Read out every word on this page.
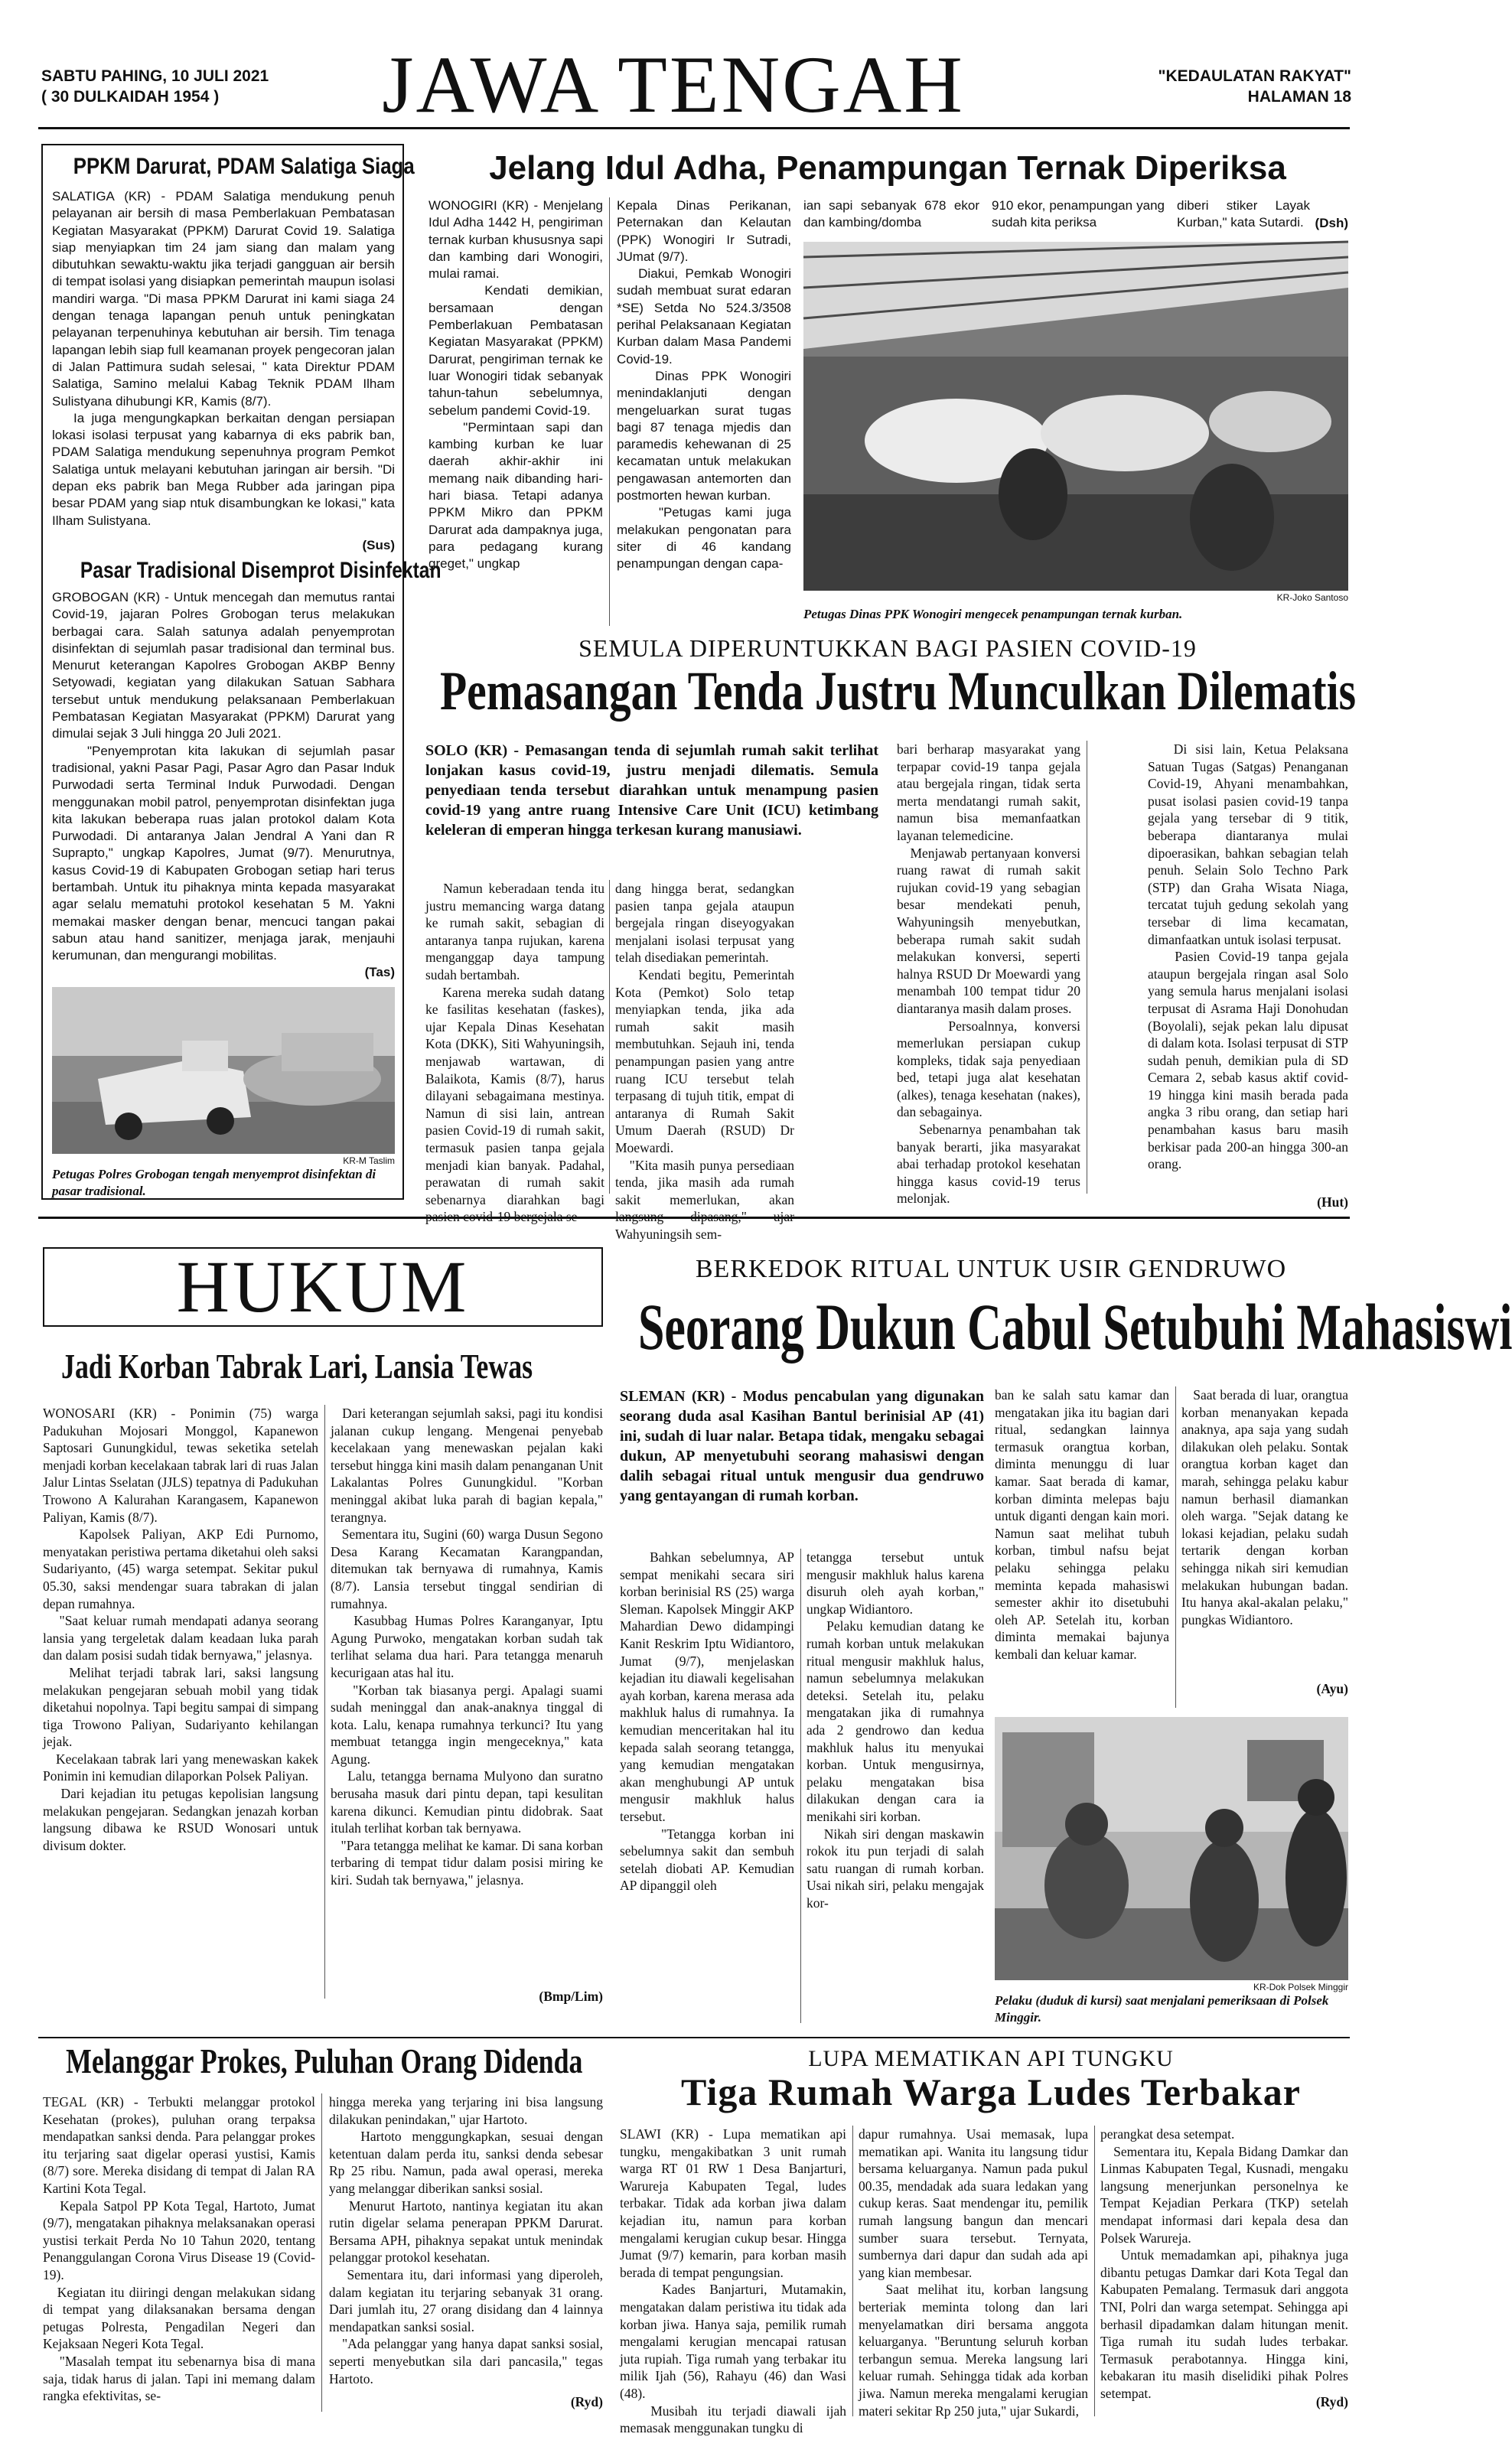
SABTU PAHING, 10 JULI 2021
( 30 DULKAIDAH 1954 )	JAWA TENGAH	"KEDAULATAN RAKYAT"
HALAMAN 18
PPKM Darurat, PDAM Salatiga Siaga
SALATIGA (KR) - PDAM Salatiga mendukung penuh pelayanan air bersih di masa Pemberlakuan Pembatasan Kegiatan Masyarakat (PPKM) Darurat Covid 19. Salatiga siap menyiapkan tim 24 jam siang dan malam yang dibutuhkan sewaktu-waktu jika terjadi gangguan air bersih di tempat isolasi yang disiapkan pemerintah maupun isolasi mandiri warga. "Di masa PPKM Darurat ini kami siaga 24 dengan tenaga lapangan penuh untuk peningkatan pelayanan terpenuhinya kebutuhan air bersih. Tim tenaga lapangan lebih siap full keamanan proyek pengecoran jalan di Jalan Pattimura sudah selesai, " kata Direktur PDAM Salatiga, Samino melalui Kabag Teknik PDAM Ilham Sulistyana dihubungi KR, Kamis (8/7).
Ia juga mengungkapkan berkaitan dengan persiapan lokasi isolasi terpusat yang kabarnya di eks pabrik ban, PDAM Salatiga mendukung sepenuhnya program Pemkot Salatiga untuk melayani kebutuhan jaringan air bersih. "Di depan eks pabrik ban Mega Rubber ada jaringan pipa besar PDAM yang siap ntuk disambungkan ke lokasi," kata Ilham Sulistyana.
(Sus)
Pasar Tradisional Disemprot Disinfektan
GROBOGAN (KR) - Untuk mencegah dan memutus rantai Covid-19, jajaran Polres Grobogan terus melakukan berbagai cara. Salah satunya adalah penyemprotan disinfektan di sejumlah pasar tradisional dan terminal bus. Menurut keterangan Kapolres Grobogan AKBP Benny Setyowadi, kegiatan yang dilakukan Satuan Sabhara tersebut untuk mendukung pelaksanaan Pemberlakuan Pembatasan Kegiatan Masyarakat (PPKM) Darurat yang dimulai sejak 3 Juli hingga 20 Juli 2021.
"Penyemprotan kita lakukan di sejumlah pasar tradisional, yakni Pasar Pagi, Pasar Agro dan Pasar Induk Purwodadi serta Terminal Induk Purwodadi. Dengan menggunakan mobil patrol, penyemprotan disinfektan juga kita lakukan beberapa ruas jalan protokol dalam Kota Purwodadi. Di antaranya Jalan Jendral A Yani dan R Suprapto," ungkap Kapolres, Jumat (9/7). Menurutnya, kasus Covid-19 di Kabupaten Grobogan setiap hari terus bertambah. Untuk itu pihaknya minta kepada masyarakat agar selalu mematuhi protokol kesehatan 5 M. Yakni memakai masker dengan benar, mencuci tangan pakai sabun atau hand sanitizer, menjaga jarak, menjauhi kerumunan, dan mengurangi mobilitas.
(Tas)
KR-M Taslim
Petugas Polres Grobogan tengah menyemprot disinfektan di pasar tradisional.
Jelang Idul Adha, Penampungan Ternak Diperiksa
WONOGIRI (KR) - Menjelang Idul Adha 1442 H, pengiriman ternak kurban khususnya sapi dan kambing dari Wonogiri, mulai ramai.
Kendati demikian, bersamaan dengan Pemberlakuan Pembatasan Kegiatan Masyarakat (PPKM) Darurat, pengiriman ternak ke luar Wonogiri tidak sebanyak tahun-tahun sebelumnya, sebelum pandemi Covid-19.
"Permintaan sapi dan kambing kurban ke luar daerah akhir-akhir ini memang naik dibanding hari-hari biasa. Tetapi adanya PPKM Mikro dan PPKM Darurat ada dampaknya juga, para pedagang kurang greget," ungkap
Kepala Dinas Perikanan, Peternakan dan Kelautan (PPK) Wonogiri Ir Sutradi, JUmat (9/7).
Diakui, Pemkab Wonogiri sudah membuat surat edaran *SE) Setda No 524.3/3508 perihal Pelaksanaan Kegiatan Kurban dalam Masa Pandemi Covid-19.
Dinas PPK Wonogiri menindaklanjuti dengan mengeluarkan surat tugas bagi 87 tenaga mjedis dan paramedis kehewanan di 25 kecamatan untuk melakukan pengawasan antemorten dan postmorten hewan kurban.
"Petugas kami juga melakukan pengonatan para siter di 46 kandang penampungan dengan capa-
ian sapi sebanyak 678 ekor dan kambing/domba
910 ekor, penampungan yang sudah kita periksa
diberi stiker Layak Kurban," kata Sutardi. (Dsh)
KR-Joko Santoso
Petugas Dinas PPK Wonogiri mengecek penampungan ternak kurban.
SEMULA DIPERUNTUKKAN BAGI PASIEN COVID-19
Pemasangan Tenda Justru Munculkan Dilematis
SOLO (KR) - Pemasangan tenda di sejumlah rumah sakit terlihat lonjakan kasus covid-19, justru menjadi dilematis. Semula penyediaan tenda tersebut diarahkan untuk menampung pasien covid-19 yang antre ruang Intensive Care Unit (ICU) ketimbang keleleran di emperan hingga terkesan kurang manusiawi.
Namun keberadaan tenda itu justru memancing warga datang ke rumah sakit, sebagian di antaranya tanpa rujukan, karena menganggap daya tampung sudah bertambah.
Karena mereka sudah datang ke fasilitas kesehatan (faskes), ujar Kepala Dinas Kesehatan Kota (DKK), Siti Wahyuningsih, menjawab wartawan, di Balaikota, Kamis (8/7), harus dilayani sebagaimana mestinya. Namun di sisi lain, antrean pasien Covid-19 di rumah sakit, termasuk pasien tanpa gejala menjadi kian banyak. Padahal, perawatan di rumah sakit sebenarnya diarahkan bagi pasien covid-19 bergejala se-
dang hingga berat, sedangkan pasien tanpa gejala ataupun bergejala ringan diseyogyakan menjalani isolasi terpusat yang telah disediakan pemerintah.
Kendati begitu, Pemerintah Kota (Pemkot) Solo tetap menyiapkan tenda, jika ada rumah sakit masih membutuhkan. Sejauh ini, tenda penampungan pasien yang antre ruang ICU tersebut telah terpasang di tujuh titik, empat di antaranya di Rumah Sakit Umum Daerah (RSUD) Dr Moewardi.
"Kita masih punya persediaan tenda, jika masih ada rumah sakit memerlukan, akan langsung dipasang," ujar Wahyuningsih sem-
bari berharap masyarakat yang terpapar covid-19 tanpa gejala atau bergejala ringan, tidak serta merta mendatangi rumah sakit, namun bisa memanfaatkan layanan telemedicine.
Menjawab pertanyaan konversi ruang rawat di rumah sakit rujukan covid-19 yang sebagian besar mendekati penuh, Wahyuningsih menyebutkan, beberapa rumah sakit sudah melakukan konversi, seperti halnya RSUD Dr Moewardi yang menambah 100 tempat tidur 20 diantaranya masih dalam proses.
Persoalnnya, konversi memerlukan persiapan cukup kompleks, tidak saja penyediaan bed, tetapi juga alat kesehatan (alkes), tenaga kesehatan (nakes), dan sebagainya.
Sebenarnya penambahan tak banyak berarti, jika masyarakat abai terhadap protokol kesehatan hingga kasus covid-19 terus melonjak.
Di sisi lain, Ketua Pelaksana Satuan Tugas (Satgas) Penanganan Covid-19, Ahyani menambahkan, pusat isolasi pasien covid-19 tanpa gejala yang tersebar di 9 titik, beberapa diantaranya mulai dipoerasikan, bahkan sebagian telah penuh. Selain Solo Techno Park (STP) dan Graha Wisata Niaga, tercatat tujuh gedung sekolah yang tersebar di lima kecamatan, dimanfaatkan untuk isolasi terpusat.
Pasien Covid-19 tanpa gejala ataupun bergejala ringan asal Solo yang semula harus menjalani isolasi terpusat di Asrama Haji Donohudan (Boyolali), sejak pekan lalu dipusat di dalam kota. Isolasi terpusat di STP sudah penuh, demikian pula di SD Cemara 2, sebab kasus aktif covid-19 hingga kini masih berada pada angka 3 ribu orang, dan setiap hari penambahan kasus baru masih berkisar pada 200-an hingga 300-an orang.
(Hut)
HUKUM
Jadi Korban Tabrak Lari, Lansia Tewas
WONOSARI (KR) - Ponimin (75) warga Padukuhan Mojosari Monggol, Kapanewon Saptosari Gunungkidul, tewas seketika setelah menjadi korban kecelakaan tabrak lari di ruas Jalan Jalur Lintas Sselatan (JJLS) tepatnya di Padukuhan Trowono A Kalurahan Karangasem, Kapanewon Paliyan, Kamis (8/7).
Kapolsek Paliyan, AKP Edi Purnomo, menyatakan peristiwa pertama diketahui oleh saksi Sudariyanto, (45) warga setempat. Sekitar pukul 05.30, saksi mendengar suara tabrakan di jalan depan rumahnya.
"Saat keluar rumah mendapati adanya seorang lansia yang tergeletak dalam keadaan luka parah dan dalam posisi sudah tidak bernyawa," jelasnya.
Melihat terjadi tabrak lari, saksi langsung melakukan pengejaran sebuah mobil yang tidak diketahui nopolnya. Tapi begitu sampai di simpang tiga Trowono Paliyan, Sudariyanto kehilangan jejak.
Kecelakaan tabrak lari yang menewaskan kakek Ponimin ini kemudian dilaporkan Polsek Paliyan.
Dari kejadian itu petugas kepolisian langsung melakukan pengejaran. Sedangkan jenazah korban langsung dibawa ke RSUD Wonosari untuk divisum dokter.
Dari keterangan sejumlah saksi, pagi itu kondisi jalanan cukup lengang. Mengenai penyebab kecelakaan yang menewaskan pejalan kaki tersebut hingga kini masih dalam penanganan Unit Lakalantas Polres Gunungkidul. "Korban meninggal akibat luka parah di bagian kepala," terangnya.
Sementara itu, Sugini (60) warga Dusun Segono Desa Karang Kecamatan Karangpandan, ditemukan tak bernyawa di rumahnya, Kamis (8/7). Lansia tersebut tinggal sendirian di rumahnya.
Kasubbag Humas Polres Karanganyar, Iptu Agung Purwoko, mengatakan korban sudah tak terlihat selama dua hari. Para tetangga menaruh kecurigaan atas hal itu.
"Korban tak biasanya pergi. Apalagi suami sudah meninggal dan anak-anaknya tinggal di kota. Lalu, kenapa rumahnya terkunci? Itu yang membuat tetangga ingin mengeceknya," kata Agung.
Lalu, tetangga bernama Mulyono dan suratno berusaha masuk dari pintu depan, tapi kesulitan karena dikunci. Kemudian pintu didobrak. Saat itulah terlihat korban tak bernyawa.
"Para tetangga melihat ke kamar. Di sana korban terbaring di tempat tidur dalam posisi miring ke kiri. Sudah tak bernyawa," jelasnya.
(Bmp/Lim)
BERKEDOK RITUAL UNTUK USIR GENDRUWO
Seorang Dukun Cabul Setubuhi Mahasiswi
SLEMAN (KR) - Modus pencabulan yang digunakan seorang duda asal Kasihan Bantul berinisial AP (41) ini, sudah di luar nalar. Betapa tidak, mengaku sebagai dukun, AP menyetubuhi seorang mahasiswi dengan dalih sebagai ritual untuk mengusir dua gendruwo yang gentayangan di rumah korban.
Bahkan sebelumnya, AP sempat menikahi secara siri korban berinisial RS (25) warga Sleman. Kapolsek Minggir AKP Mahardian Dewo didampingi Kanit Reskrim Iptu Widiantoro, Jumat (9/7), menjelaskan kejadian itu diawali kegelisahan ayah korban, karena merasa ada makhluk halus di rumahnya. Ia kemudian menceritakan hal itu kepada salah seorang tetangga, yang kemudian mengatakan akan menghubungi AP untuk mengusir makhluk halus tersebut.
"Tetangga korban ini sebelumnya sakit dan sembuh setelah diobati AP. Kemudian AP dipanggil oleh
tetangga tersebut untuk mengusir makhluk halus karena disuruh oleh ayah korban," ungkap Widiantoro.
Pelaku kemudian datang ke rumah korban untuk melakukan ritual mengusir makhluk halus, namun sebelumnya melakukan deteksi. Setelah itu, pelaku mengatakan jika di rumahnya ada 2 gendrowo dan kedua makhluk halus itu menyukai korban. Untuk mengusirnya, pelaku mengatakan bisa dilakukan dengan cara ia menikahi siri korban.
Nikah siri dengan maskawin rokok itu pun terjadi di salah satu ruangan di rumah korban. Usai nikah siri, pelaku mengajak kor-
ban ke salah satu kamar dan mengatakan jika itu bagian dari ritual, sedangkan lainnya termasuk orangtua korban, diminta menunggu di luar kamar. Saat berada di kamar, korban diminta melepas baju untuk diganti dengan kain mori. Namun saat melihat tubuh korban, timbul nafsu bejat pelaku sehingga pelaku meminta kepada mahasiswi semester akhir ito disetubuhi oleh AP. Setelah itu, korban diminta memakai bajunya kembali dan keluar kamar.
Saat berada di luar, orangtua korban menanyakan kepada anaknya, apa saja yang sudah dilakukan oleh pelaku. Sontak orangtua korban kaget dan marah, sehingga pelaku kabur namun berhasil diamankan oleh warga. "Sejak datang ke lokasi kejadian, pelaku sudah tertarik dengan korban sehingga nikah siri kemudian melakukan hubungan badan. Itu hanya akal-akalan pelaku," pungkas Widiantoro.
(Ayu)
KR-Dok Polsek Minggir
Pelaku (duduk di kursi) saat menjalani pemeriksaan di Polsek Minggir.
Melanggar Prokes, Puluhan Orang Didenda
TEGAL (KR) - Terbukti melanggar protokol Kesehatan (prokes), puluhan orang terpaksa mendapatkan sanksi denda. Para pelanggar prokes itu terjaring saat digelar operasi yustisi, Kamis (8/7) sore. Mereka disidang di tempat di Jalan RA Kartini Kota Tegal.
Kepala Satpol PP Kota Tegal, Hartoto, Jumat (9/7), mengatakan pihaknya melaksanakan operasi yustisi terkait Perda No 10 Tahun 2020, tentang Penanggulangan Corona Virus Disease 19 (Covid-19).
Kegiatan itu diiringi dengan melakukan sidang di tempat yang dilaksanakan bersama dengan petugas Polresta, Pengadilan Negeri dan Kejaksaan Negeri Kota Tegal.
"Masalah tempat itu sebenarnya bisa di mana saja, tidak harus di jalan. Tapi ini memang dalam rangka efektivitas, se-
hingga mereka yang terjaring ini bisa langsung dilakukan penindakan," ujar Hartoto.
Hartoto menggungkapkan, sesuai dengan ketentuan dalam perda itu, sanksi denda sebesar Rp 25 ribu. Namun, pada awal operasi, mereka yang melanggar diberikan sanksi sosial.
Menurut Hartoto, nantinya kegiatan itu akan rutin digelar selama penerapan PPKM Darurat. Bersama APH, pihaknya sepakat untuk menindak pelanggar protokol kesehatan.
Sementara itu, dari informasi yang diperoleh, dalam kegiatan itu terjaring sebanyak 31 orang. Dari jumlah itu, 27 orang disidang dan 4 lainnya mendapatkan sanksi sosial.
"Ada pelanggar yang hanya dapat sanksi sosial, seperti menyebutkan sila dari pancasila," tegas Hartoto.
(Ryd)
LUPA MEMATIKAN API TUNGKU
Tiga Rumah Warga Ludes Terbakar
SLAWI (KR) - Lupa mematikan api tungku, mengakibatkan 3 unit rumah warga RT 01 RW 1 Desa Banjarturi, Warureja Kabupaten Tegal, ludes terbakar. Tidak ada korban jiwa dalam kejadian itu, namun para korban mengalami kerugian cukup besar. Hingga Jumat (9/7) kemarin, para korban masih berada di tempat pengungsian.
Kades Banjarturi, Mutamakin, mengatakan dalam peristiwa itu tidak ada korban jiwa. Hanya saja, pemilik rumah mengalami kerugian mencapai ratusan juta rupiah. Tiga rumah yang terbakar itu milik Ijah (56), Rahayu (46) dan Wasi (48).
Musibah itu terjadi diawali ijah memasak menggunakan tungku di
dapur rumahnya. Usai memasak, lupa mematikan api. Wanita itu langsung tidur bersama keluarganya. Namun pada pukul 00.35, mendadak ada suara ledakan yang cukup keras. Saat mendengar itu, pemilik rumah langsung bangun dan mencari sumber suara tersebut. Ternyata, sumbernya dari dapur dan sudah ada api yang kian membesar.
Saat melihat itu, korban langsung berteriak meminta tolong dan lari menyelamatkan diri bersama anggota keluarganya. "Beruntung seluruh korban terbangun semua. Mereka langsung lari keluar rumah. Sehingga tidak ada korban jiwa. Namun mereka mengalami kerugian materi sekitar Rp 250 juta," ujar Sukardi,
perangkat desa setempat.
Sementara itu, Kepala Bidang Damkar dan Linmas Kabupaten Tegal, Kusnadi, mengaku langsung menerjunkan personelnya ke Tempat Kejadian Perkara (TKP) setelah mendapat informasi dari kepala desa dan Polsek Warureja.
Untuk memadamkan api, pihaknya juga dibantu petugas Damkar dari Kota Tegal dan Kabupaten Pemalang. Termasuk dari anggota TNI, Polri dan warga setempat. Sehingga api berhasil dipadamkan dalam hitungan menit. Tiga rumah itu sudah ludes terbakar. Termasuk perabotannya. Hingga kini, kebakaran itu masih diselidiki pihak Polres setempat.
(Ryd)
